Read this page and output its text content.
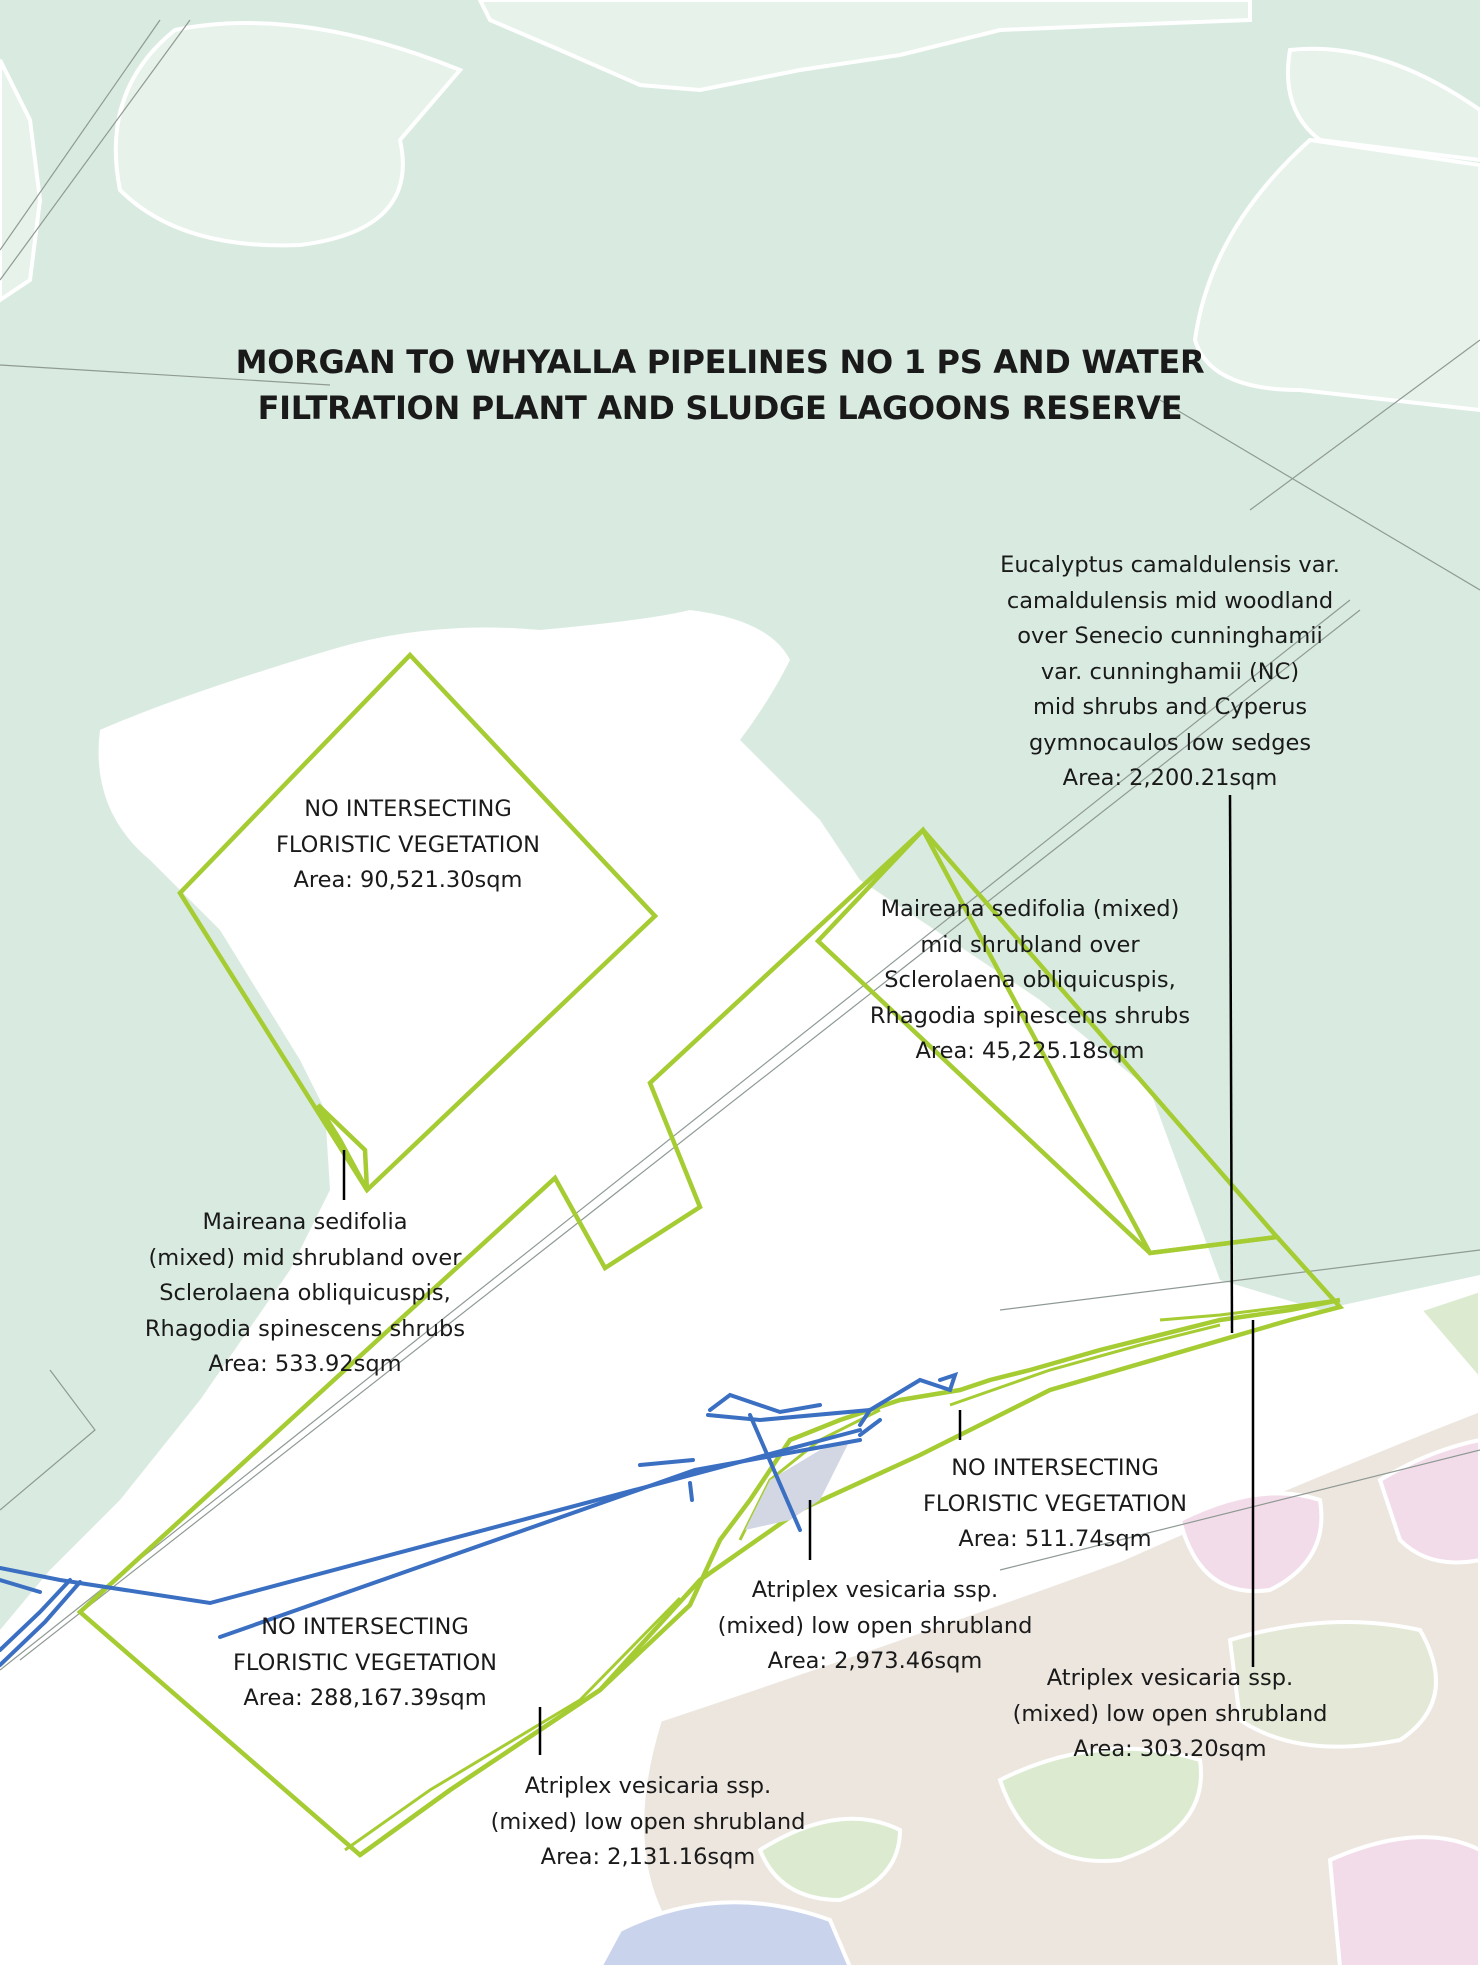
MORGAN TO WHYALLA PIPELINES NO 1 PS AND WATER
FILTRATION PLANT AND SLUDGE LAGOONS RESERVE
Eucalyptus camaldulensis var.
camaldulensis mid woodland
over Senecio cunninghamii
var. cunninghamii (NC)
mid shrubs and Cyperus
gymnocaulos low sedges
Area: 2,200.21sqm
NO INTERSECTING
FLORISTIC VEGETATION
Area: 90,521.30sqm
Maireana sedifolia (mixed)
mid shrubland over
Sclerolaena obliquicuspis,
Rhagodia spinescens shrubs
Area: 45,225.18sqm
Maireana sedifolia
(mixed) mid shrubland over
Sclerolaena obliquicuspis,
Rhagodia spinescens shrubs
Area: 533.92sqm
NO INTERSECTING
FLORISTIC VEGETATION
Area: 511.74sqm
Atriplex vesicaria ssp.
(mixed) low open shrubland
Area: 2,973.46sqm
NO INTERSECTING
FLORISTIC VEGETATION
Area: 288,167.39sqm
Atriplex vesicaria ssp.
(mixed) low open shrubland
Area: 303.20sqm
Atriplex vesicaria ssp.
(mixed) low open shrubland
Area: 2,131.16sqm
